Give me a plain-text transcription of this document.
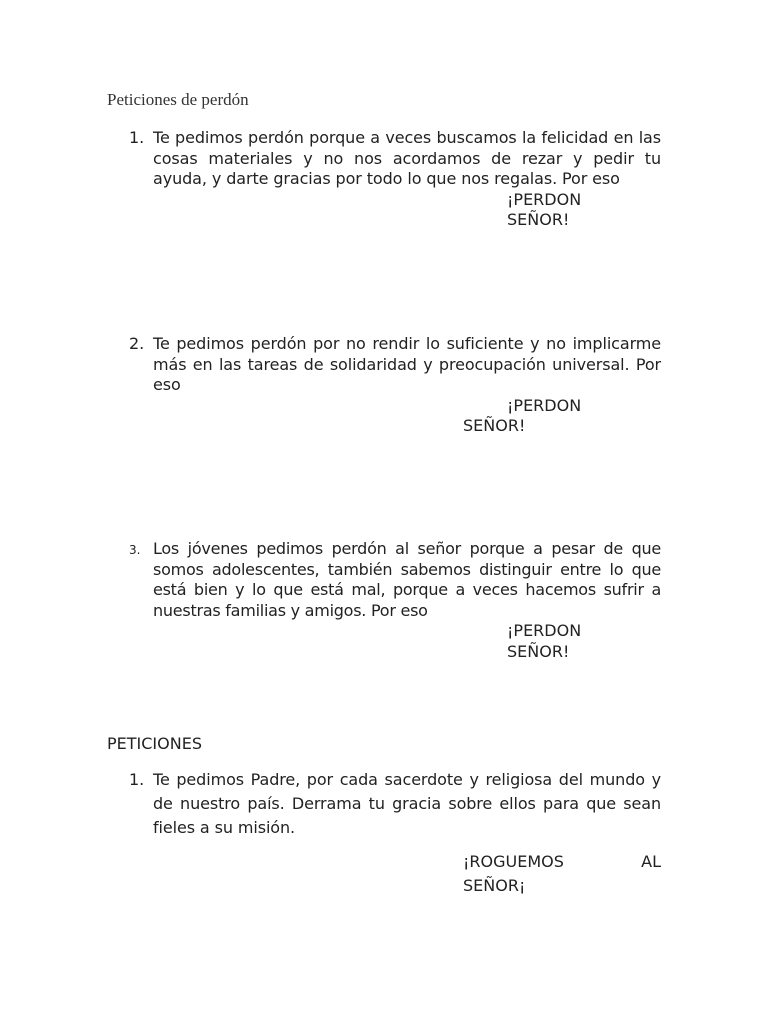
Peticiones de perdón
1. Te pedimos perdón porque a veces buscamos la felicidad en las cosas materiales y no nos acordamos de rezar y pedir tu ayuda, y darte gracias por todo lo que nos regalas. Por eso
¡PERDON
SEÑOR!
2. Te pedimos perdón por no rendir lo suficiente y no implicarme más en las tareas de solidaridad y preocupación universal. Por eso
¡PERDON
SEÑOR!
3. Los jóvenes pedimos perdón al señor porque a pesar de que somos adolescentes, también sabemos distinguir entre lo que está bien y lo que está mal, porque a veces hacemos sufrir a nuestras familias y amigos. Por eso
¡PERDON
SEÑOR!
PETICIONES
1. Te pedimos Padre, por cada sacerdote y religiosa del mundo y de nuestro país. Derrama tu gracia sobre ellos para que sean fieles a su misión.
¡ROGUEMOS	AL
SEÑOR¡
